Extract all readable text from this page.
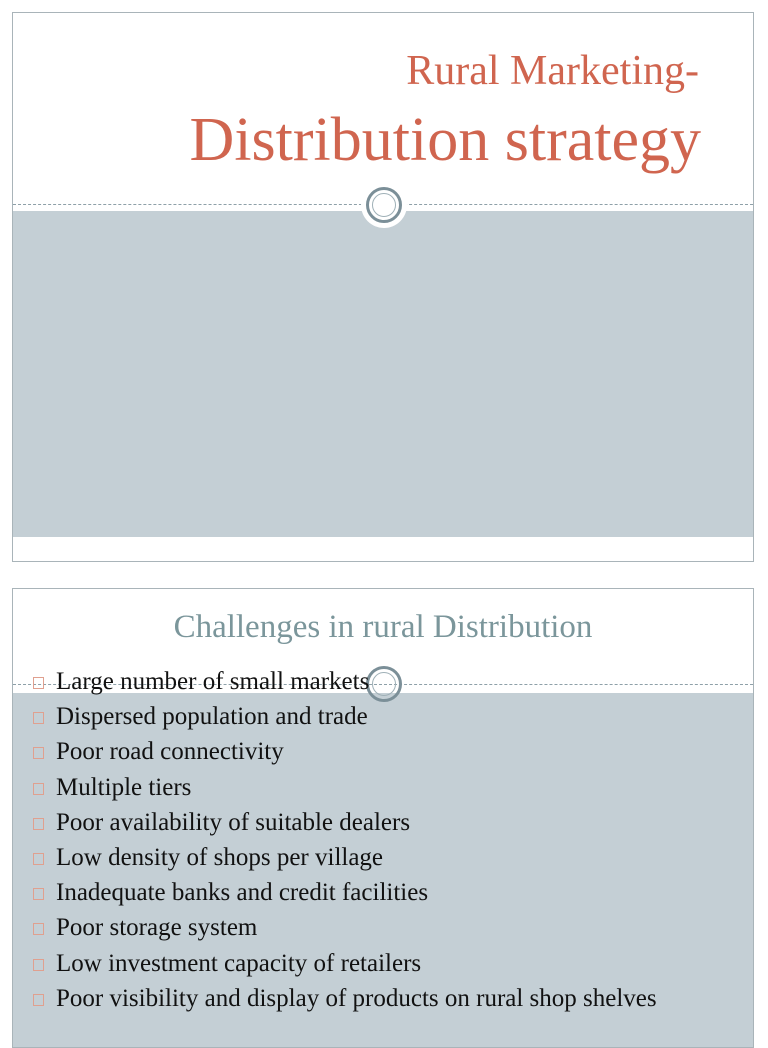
Rural Marketing-
Distribution strategy
Challenges in rural Distribution
Large number of small markets
Dispersed population and trade
Poor road connectivity
Multiple tiers
Poor availability of suitable dealers
Low density of shops per village
Inadequate banks and credit facilities
Poor storage system
Low investment capacity of retailers
Poor visibility and display of products on rural shop shelves
